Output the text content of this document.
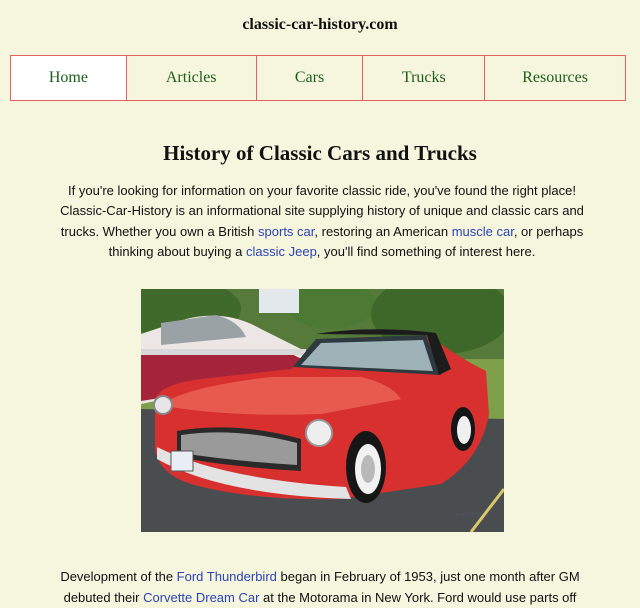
classic-car-history.com
Home	Articles	Cars	Trucks	Resources
History of Classic Cars and Trucks

If you're looking for information on your favorite classic ride, you've found the right place! Classic-Car-History is an informational site supplying history of unique and classic cars and trucks. Whether you own a British sports car, restoring an American muscle car, or perhaps thinking about buying a classic Jeep, you'll find something of interest here.

realfnd.com

Development of the Ford Thunderbird began in February of 1953, just one month after GM debuted their Corvette Dream Car at the Motorama in New York. Ford would use parts off
